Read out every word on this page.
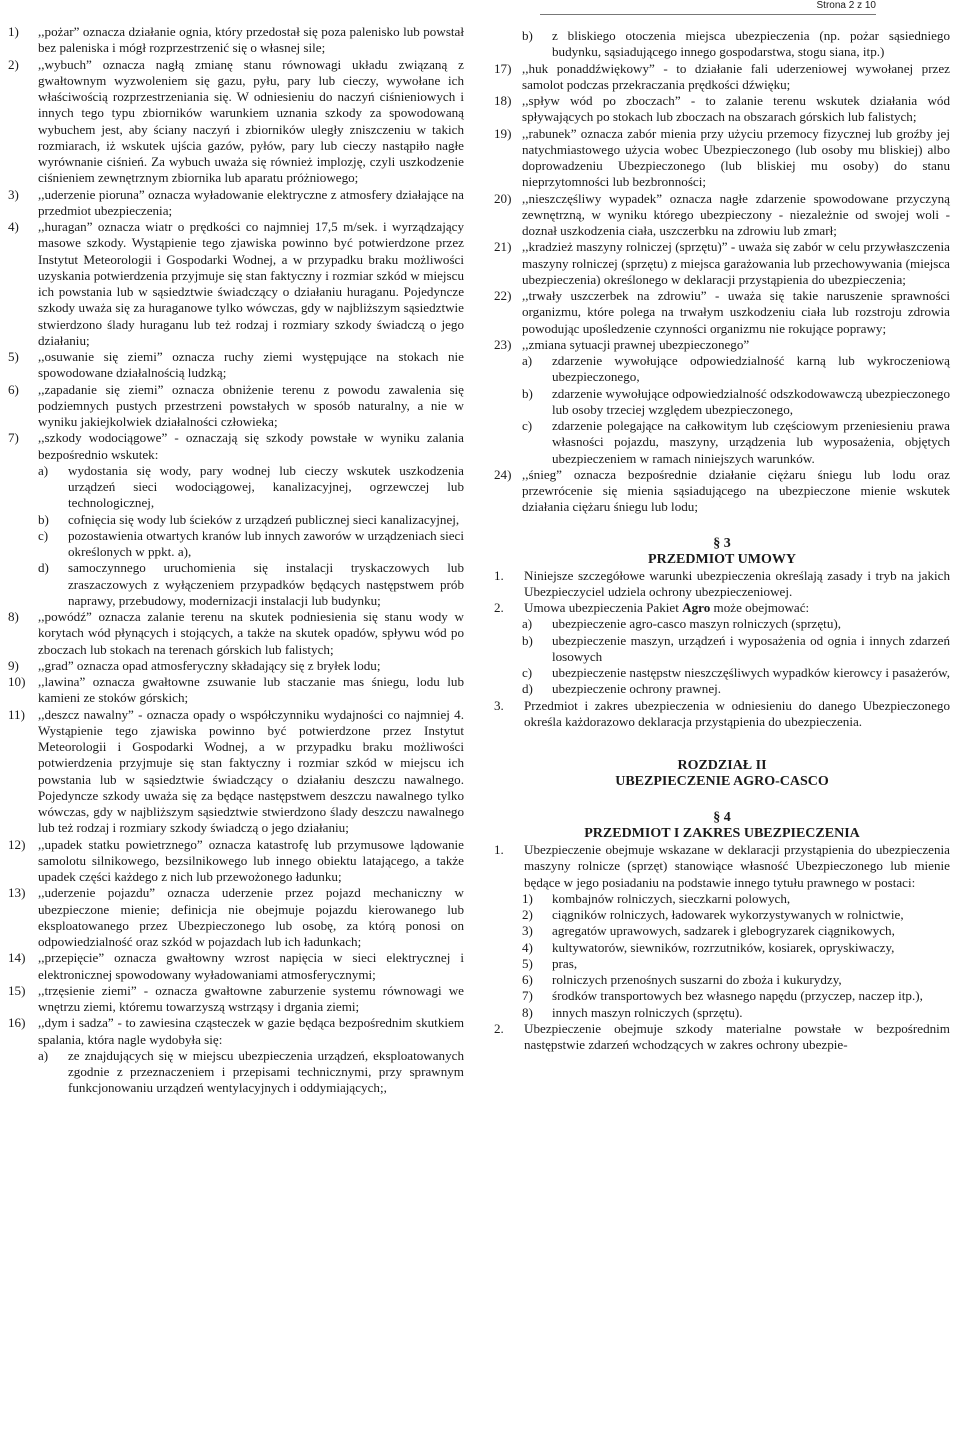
Strona 2 z 10
1) ,,pożar” oznacza działanie ognia, który przedostał się poza paleniskо lub powstał bez paleniska i mógł rozprzestrzenić się o własnej sile;
2) ,,wybuch” oznacza nagłą zmianę stanu równowagi układu związaną z gwałtownym wyzwoleniem się gazu, pyłu, pary lub cieczy, wywołane ich właściwością rozprzestrzeniania się. W odniesieniu do naczyń ciśnieniowych i innych tego typu zbiorników warunkiem uznania szkody za spowodowaną wybuchem jest, aby ściany naczyń i zbiorników uległy zniszczeniu w takich rozmiarach, iż wskutek ujścia gazów, pyłów, pary lub cieczy nastąpiło nagłe wyrównanie ciśnień. Za wybuch uważa się również implozję, czyli uszkodzenie ciśnieniem zewnętrznym zbiornika lub aparatu próżniowego;
3) ,,uderzenie pioruna” oznacza wyładowanie elektryczne z atmosfery działające na przedmiot ubezpieczenia;
4) ,,huragan” oznacza wiatr o prędkości co najmniej 17,5 m/sek. i wyrządzający masowe szkody. Wystąpienie tego zjawiska powinno być potwierdzone przez Instytut Meteorologii i Gospodarki Wodnej, a w przypadku braku możliwości uzyskania potwierdzenia przyjmuje się stan faktyczny i rozmiar szkód w miejscu ich powstania lub w sąsiedztwie świadczący o działaniu huraganu. Pojedyncze szkody uważa się za huraganowe tylko wówczas, gdy w najbliższym sąsiedztwie stwierdzono ślady huraganu lub też rodzaj i rozmiary szkody świadczą o jego działaniu;
5) ,,osuwanie się ziemi” oznacza ruchy ziemi występujące na stokach nie spowodowane działalnością ludzką;
6) ,,zapadanie się ziemi” oznacza obniżenie terenu z powodu zawalenia się podziemnych pustych przestrzeni powstałych w sposób naturalny, a nie w wyniku jakiejkolwiek działalności człowieka;
7) ,,szkody wodociągowe” - oznaczają się szkody powstałe w wyniku zalania bezpośrednio wskutek:
a) wydostania się wody, pary wodnej lub cieczy wskutek uszkodzenia urządzeń sieci wodociągowej, kanalizacyjnej, ogrzewczej lub technologicznej,
b) cofnięcia się wody lub ścieków z urządzeń publicznej sieci kanalizacyjnej,
c) pozostawienia otwartych kranów lub innych zaworów w urządzeniach sieci określonych w ppkt. a),
d) samoczynnego uruchomienia się instalacji tryskaczowych lub zraszaczowych z wyłączeniem przypadków będących następstwem prób naprawy, przebudowy, modernizacji instalacji lub budynku;
8) ,,powódź” oznacza zalanie terenu na skutek podniesienia się stanu wody w korytach wód płynących i stojących, a także na skutek opadów, spływu wód po zboczach lub stokach na terenach górskich lub falistych;
9) ,,grad” oznacza opad atmosferyczny składający się z bryłek lodu;
10) ,,lawina” oznacza gwałtowne zsuwanie lub staczanie mas śniegu, lodu lub kamieni ze stoków górskich;
11) ,,deszcz nawalny” - oznacza opady o współczynniku wydajności co najmniej 4. Wystąpienie tego zjawiska powinno być potwierdzone przez Instytut Meteorologii i Gospodarki Wodnej, a w przypadku braku możliwości potwierdzenia przyjmuje się stan faktyczny i rozmiar szkód w miejscu ich powstania lub w sąsiedztwie świadczący o działaniu deszczu nawalnego. Pojedyncze szkody uważa się za będące następstwem deszczu nawalnego tylko wówczas, gdy w najbliższym sąsiedztwie stwierdzono ślady deszczu nawalnego lub też rodzaj i rozmiary szkody świadczą o jego działaniu;
12) ,,upadek statku powietrznego” oznacza katastrofę lub przymusowe lądowanie samolotu silnikowego, bezsilnikowego lub innego obiektu latającego, a także upadek części każdego z nich lub przewożonego ładunku;
13) ,,uderzenie pojazdu” oznacza uderzenie przez pojazd mechaniczny w ubezpieczone mienie; definicja nie obejmuje pojazdu kierowanego lub eksploatowanego przez Ubezpieczonego lub osobę, za którą ponosi on odpowiedzialność oraz szkód w pojazdach lub ich ładunkach;
14) ,,przepięcie” oznacza gwałtowny wzrost napięcia w sieci elektrycznej i elektronicznej spowodowany wyładowaniami atmosferycznymi;
15) ,,trzęsienie ziemi” - oznacza gwałtowne zaburzenie systemu równowagi we wnętrzu ziemi, któremu towarzyszą wstrząsy i drgania ziemi;
16) ,,dym i sadza” - to zawiesina cząsteczek w gazie będąca bezpośrednim skutkiem spalania, która nagle wydobyła się:
a) ze znajdujących się w miejscu ubezpieczenia urządzeń, eksploatowanych zgodnie z przeznaczeniem i przepisami technicznymi, przy sprawnym funkcjonowaniu urządzeń wentylacyjnych i oddymiających;,
b) z bliskiego otoczenia miejsca ubezpieczenia (np. pożar sąsiedniego budynku, sąsiadującego innego gospodarstwa, stogu siana, itp.)
17) ,,huk ponaddźwiękowy” - to działanie fali uderzeniowej wywołanej przez samolot podczas przekraczania prędkości dźwięku;
18) ,,spływ wód po zboczach” - to zalanie terenu wskutek działania wód spływających po stokach lub zboczach na obszarach górskich lub falistych;
19) ,,rabunek” oznacza zabór mienia przy użyciu przemocy fizycznej lub groźby jej natychmiastowego użycia wobec Ubezpieczonego (lub osoby mu bliskiej) albo doprowadzeniu Ubezpieczonego (lub bliskiej mu osoby) do stanu nieprzytomności lub bezbronności;
20) ,,nieszczęśliwy wypadek” oznacza nagłe zdarzenie spowodowane przyczyną zewnętrzną, w wyniku którego ubezpieczony - niezależnie od swojej woli - doznał uszkodzenia ciała, uszczerbku na zdrowiu lub zmarł;
21) ,,kradzież maszyny rolniczej (sprzętu)” - uważa się zabór w celu przywłaszczenia maszyny rolniczej (sprzętu) z miejsca garażowania lub przechowywania (miejsca ubezpieczenia) określonego w deklaracji przystąpienia do ubezpieczenia;
22) ,,trwały uszczerbek na zdrowiu” - uważa się takie naruszenie sprawności organizmu, które polega na trwałym uszkodzeniu ciała lub rozstroju zdrowia powodując upośledzenie czynności organizmu nie rokujące poprawy;
23) ,,zmiana sytuacji prawnej ubezpieczonego”
a) zdarzenie wywołujące odpowiedzialność karną lub wykroczeniową ubezpieczonego,
b) zdarzenie wywołujące odpowiedzialność odszkodowawczą ubezpieczonego lub osoby trzeciej względem ubezpieczonego,
c) zdarzenie polegające na całkowitym lub częściowym przeniesieniu prawa własności pojazdu, maszyny, urządzenia lub wyposażenia, objętych ubezpieczeniem w ramach niniejszych warunków.
24) ,,śnieg” oznacza bezpośrednie działanie ciężaru śniegu lub lodu oraz przewrócenie się mienia sąsiadującego na ubezpieczone mienie wskutek działania ciężaru śniegu lub lodu;
§ 3
PRZEDMIOT UMOWY
1. Niniejsze szczegółowe warunki ubezpieczenia określają zasady i tryb na jakich Ubezpieczyciel udziela ochrony ubezpieczeniowej.
2. Umowa ubezpieczenia Pakiet Agro może obejmować:
a) ubezpieczenie agro-casco maszyn rolniczych (sprzętu),
b) ubezpieczenie maszyn, urządzeń i wyposażenia od ognia i innych zdarzeń losowych
c) ubezpieczenie następstw nieszczęśliwych wypadków kierowcy i pasażerów,
d) ubezpieczenie ochrony prawnej.
3. Przedmiot i zakres ubezpieczenia w odniesieniu do danego Ubezpieczonego określa każdorazowo deklaracja przystąpienia do ubezpieczenia.
ROZDZIAŁ II
UBEZPIECZENIE AGRO-CASCO
§ 4
PRZEDMIOT I ZAKRES UBEZPIECZENIA
1. Ubezpieczenie obejmuje wskazane w deklaracji przystąpienia do ubezpieczenia maszyny rolnicze (sprzęt) stanowiące własność Ubezpieczonego lub mienie będące w jego posiadaniu na podstawie innego tytułu prawnego w postaci:
1) kombajnów rolniczych, sieczkarni polowych,
2) ciągników rolniczych, ładowarek wykorzystywanych w rolnictwie,
3) agregatów uprawowych, sadzarek i glebogryzarek ciągnikowych,
4) kultywatorów, siewników, rozrzutników, kosiarek, opryskiwaczy,
5) pras,
6) rolniczych przenośnych suszarni do zboża i kukurydzy,
7) środków transportowych bez własnego napędu (przyczep, naczep itp.),
8) innych maszyn rolniczych (sprzętu).
2. Ubezpieczenie obejmuje szkody materialne powstałe w bezpośrednim następstwie zdarzeń wchodzących w zakres ochrony ubezpie-
